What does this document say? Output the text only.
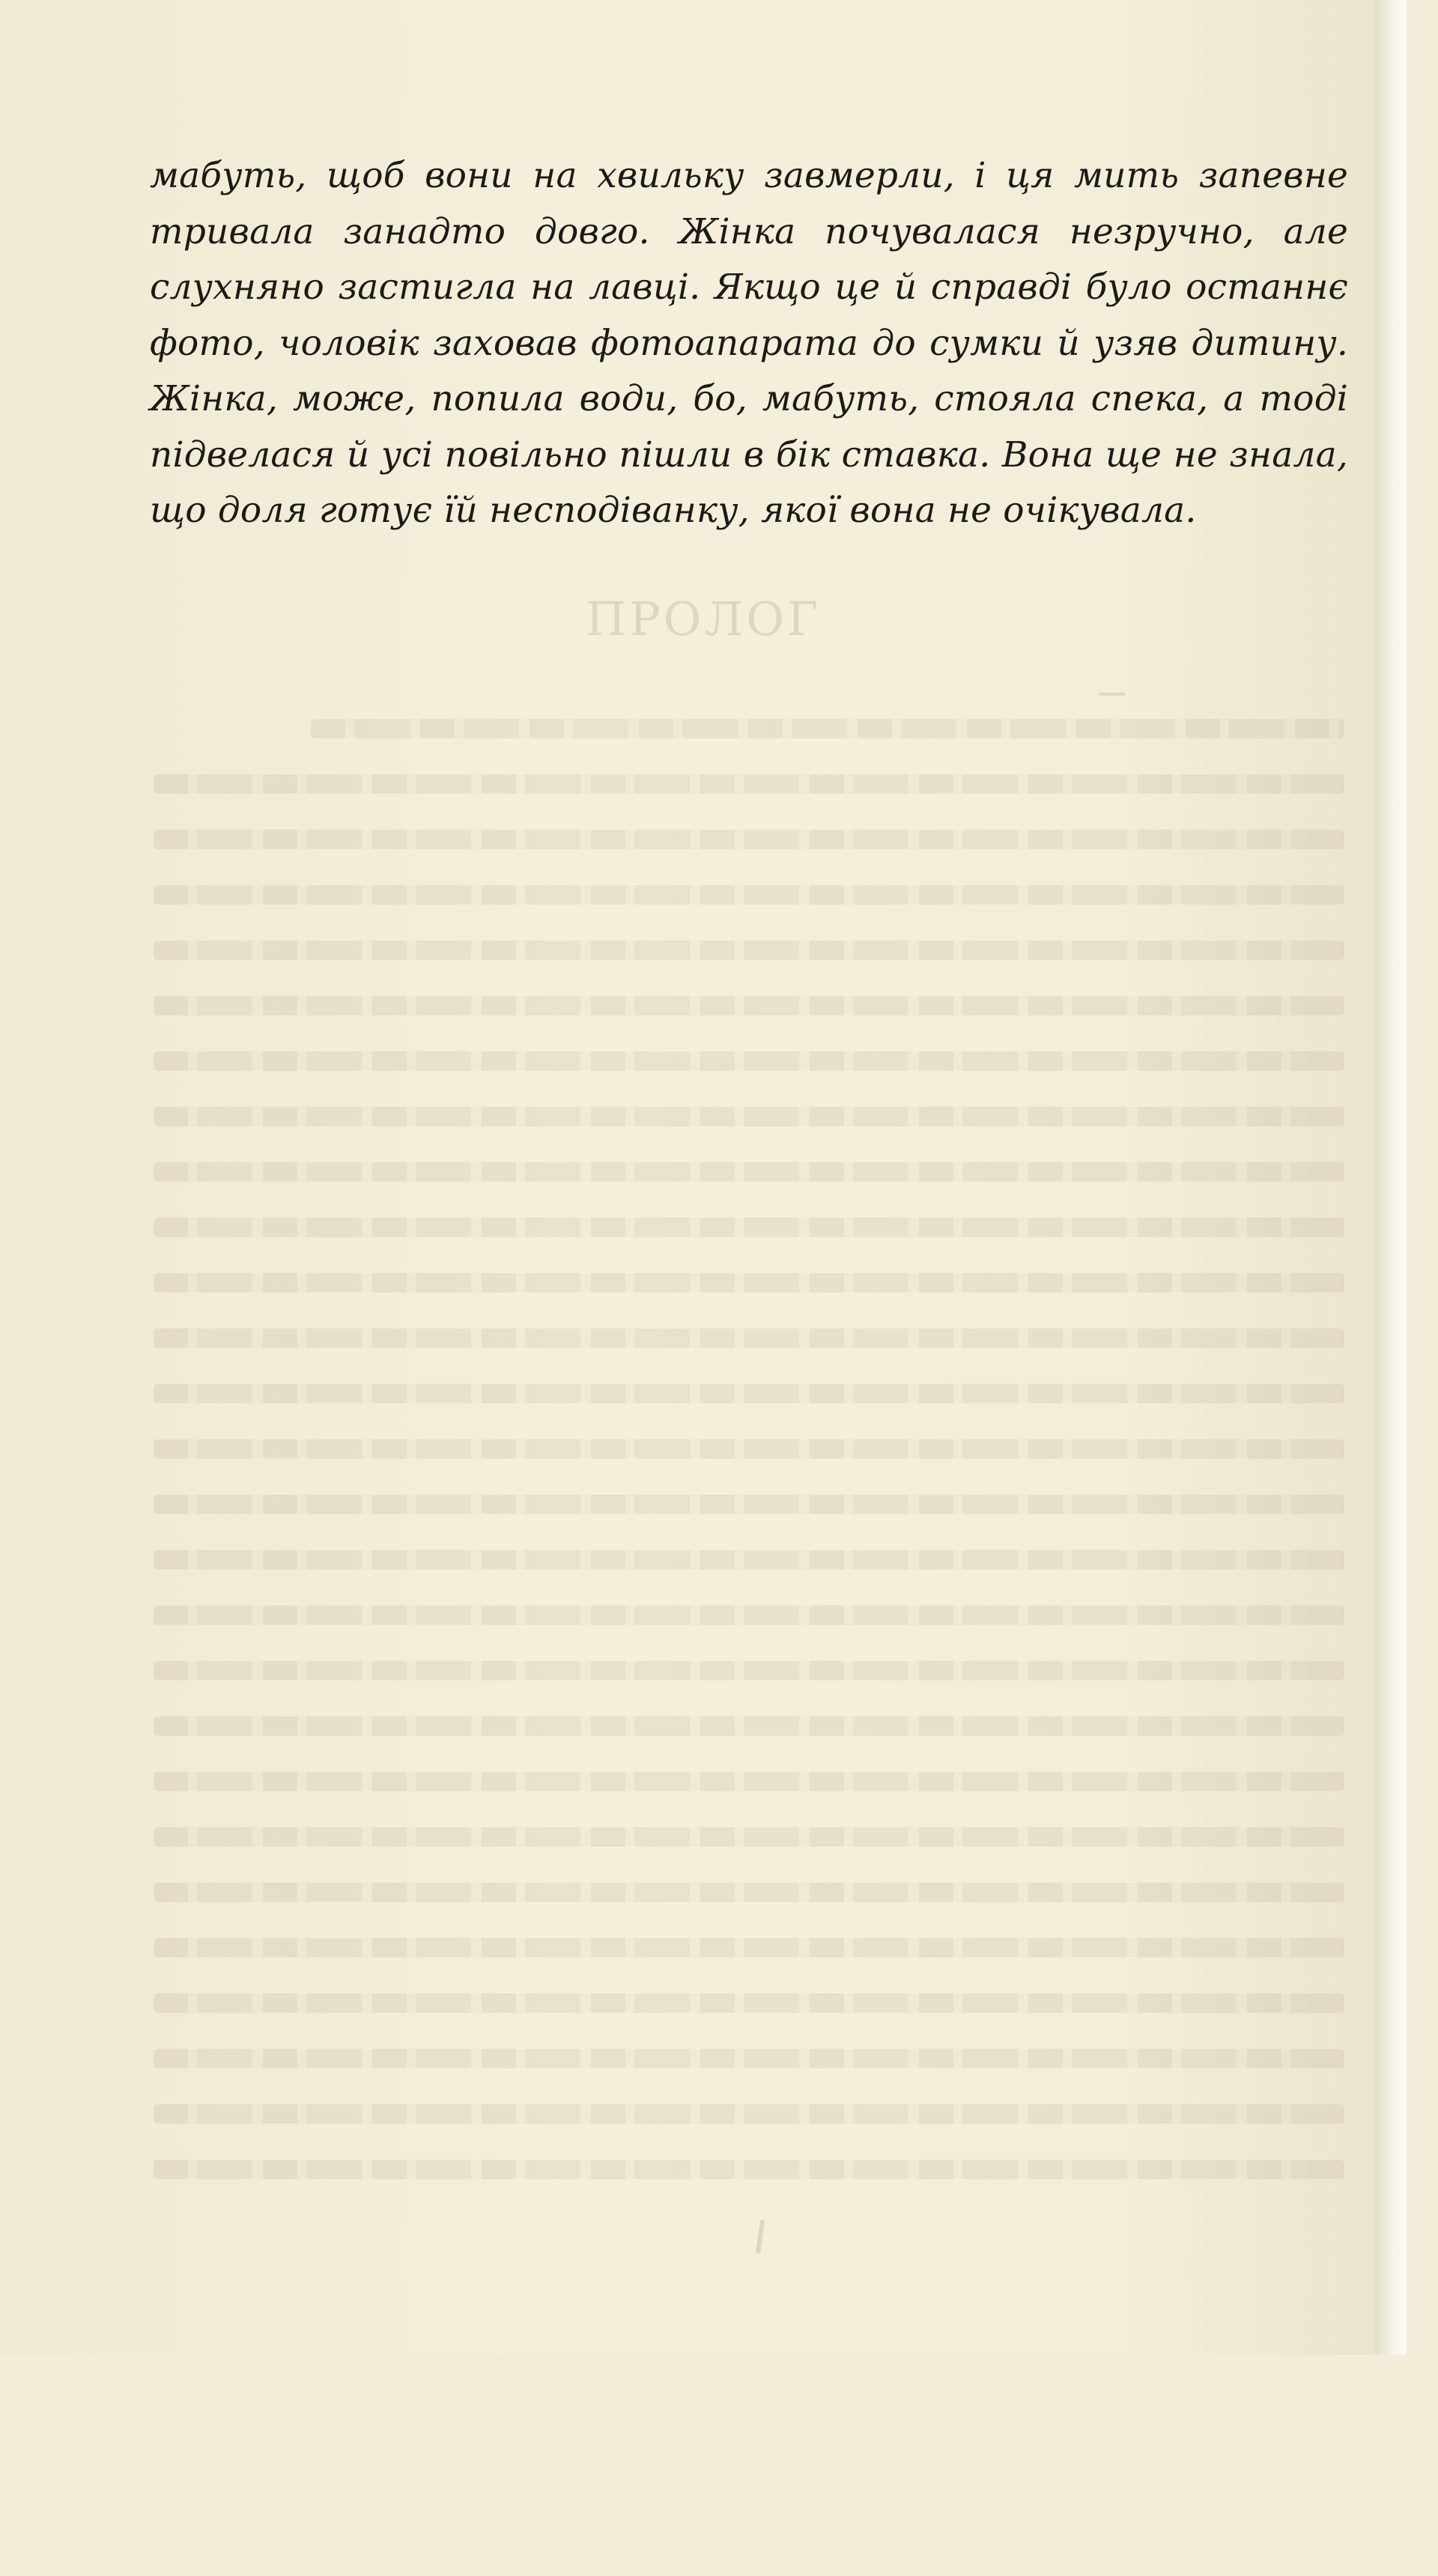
мабуть, щоб вони на хвильку завмерли, і ця мить запевне тривала занадто довго. Жінка почувалася незручно, але слухняно застигла на лавці. Якщо це й справді було останнє фото, чоловік заховав фотоапарата до сумки й узяв дитину. Жінка, може, попила води, бо, мабуть, стояла спека, а тоді підвелася й усі повільно пішли в бік ставка. Вона ще не знала, що доля готує їй несподіванку, якої вона не очікувала.

ПРОЛОГ
